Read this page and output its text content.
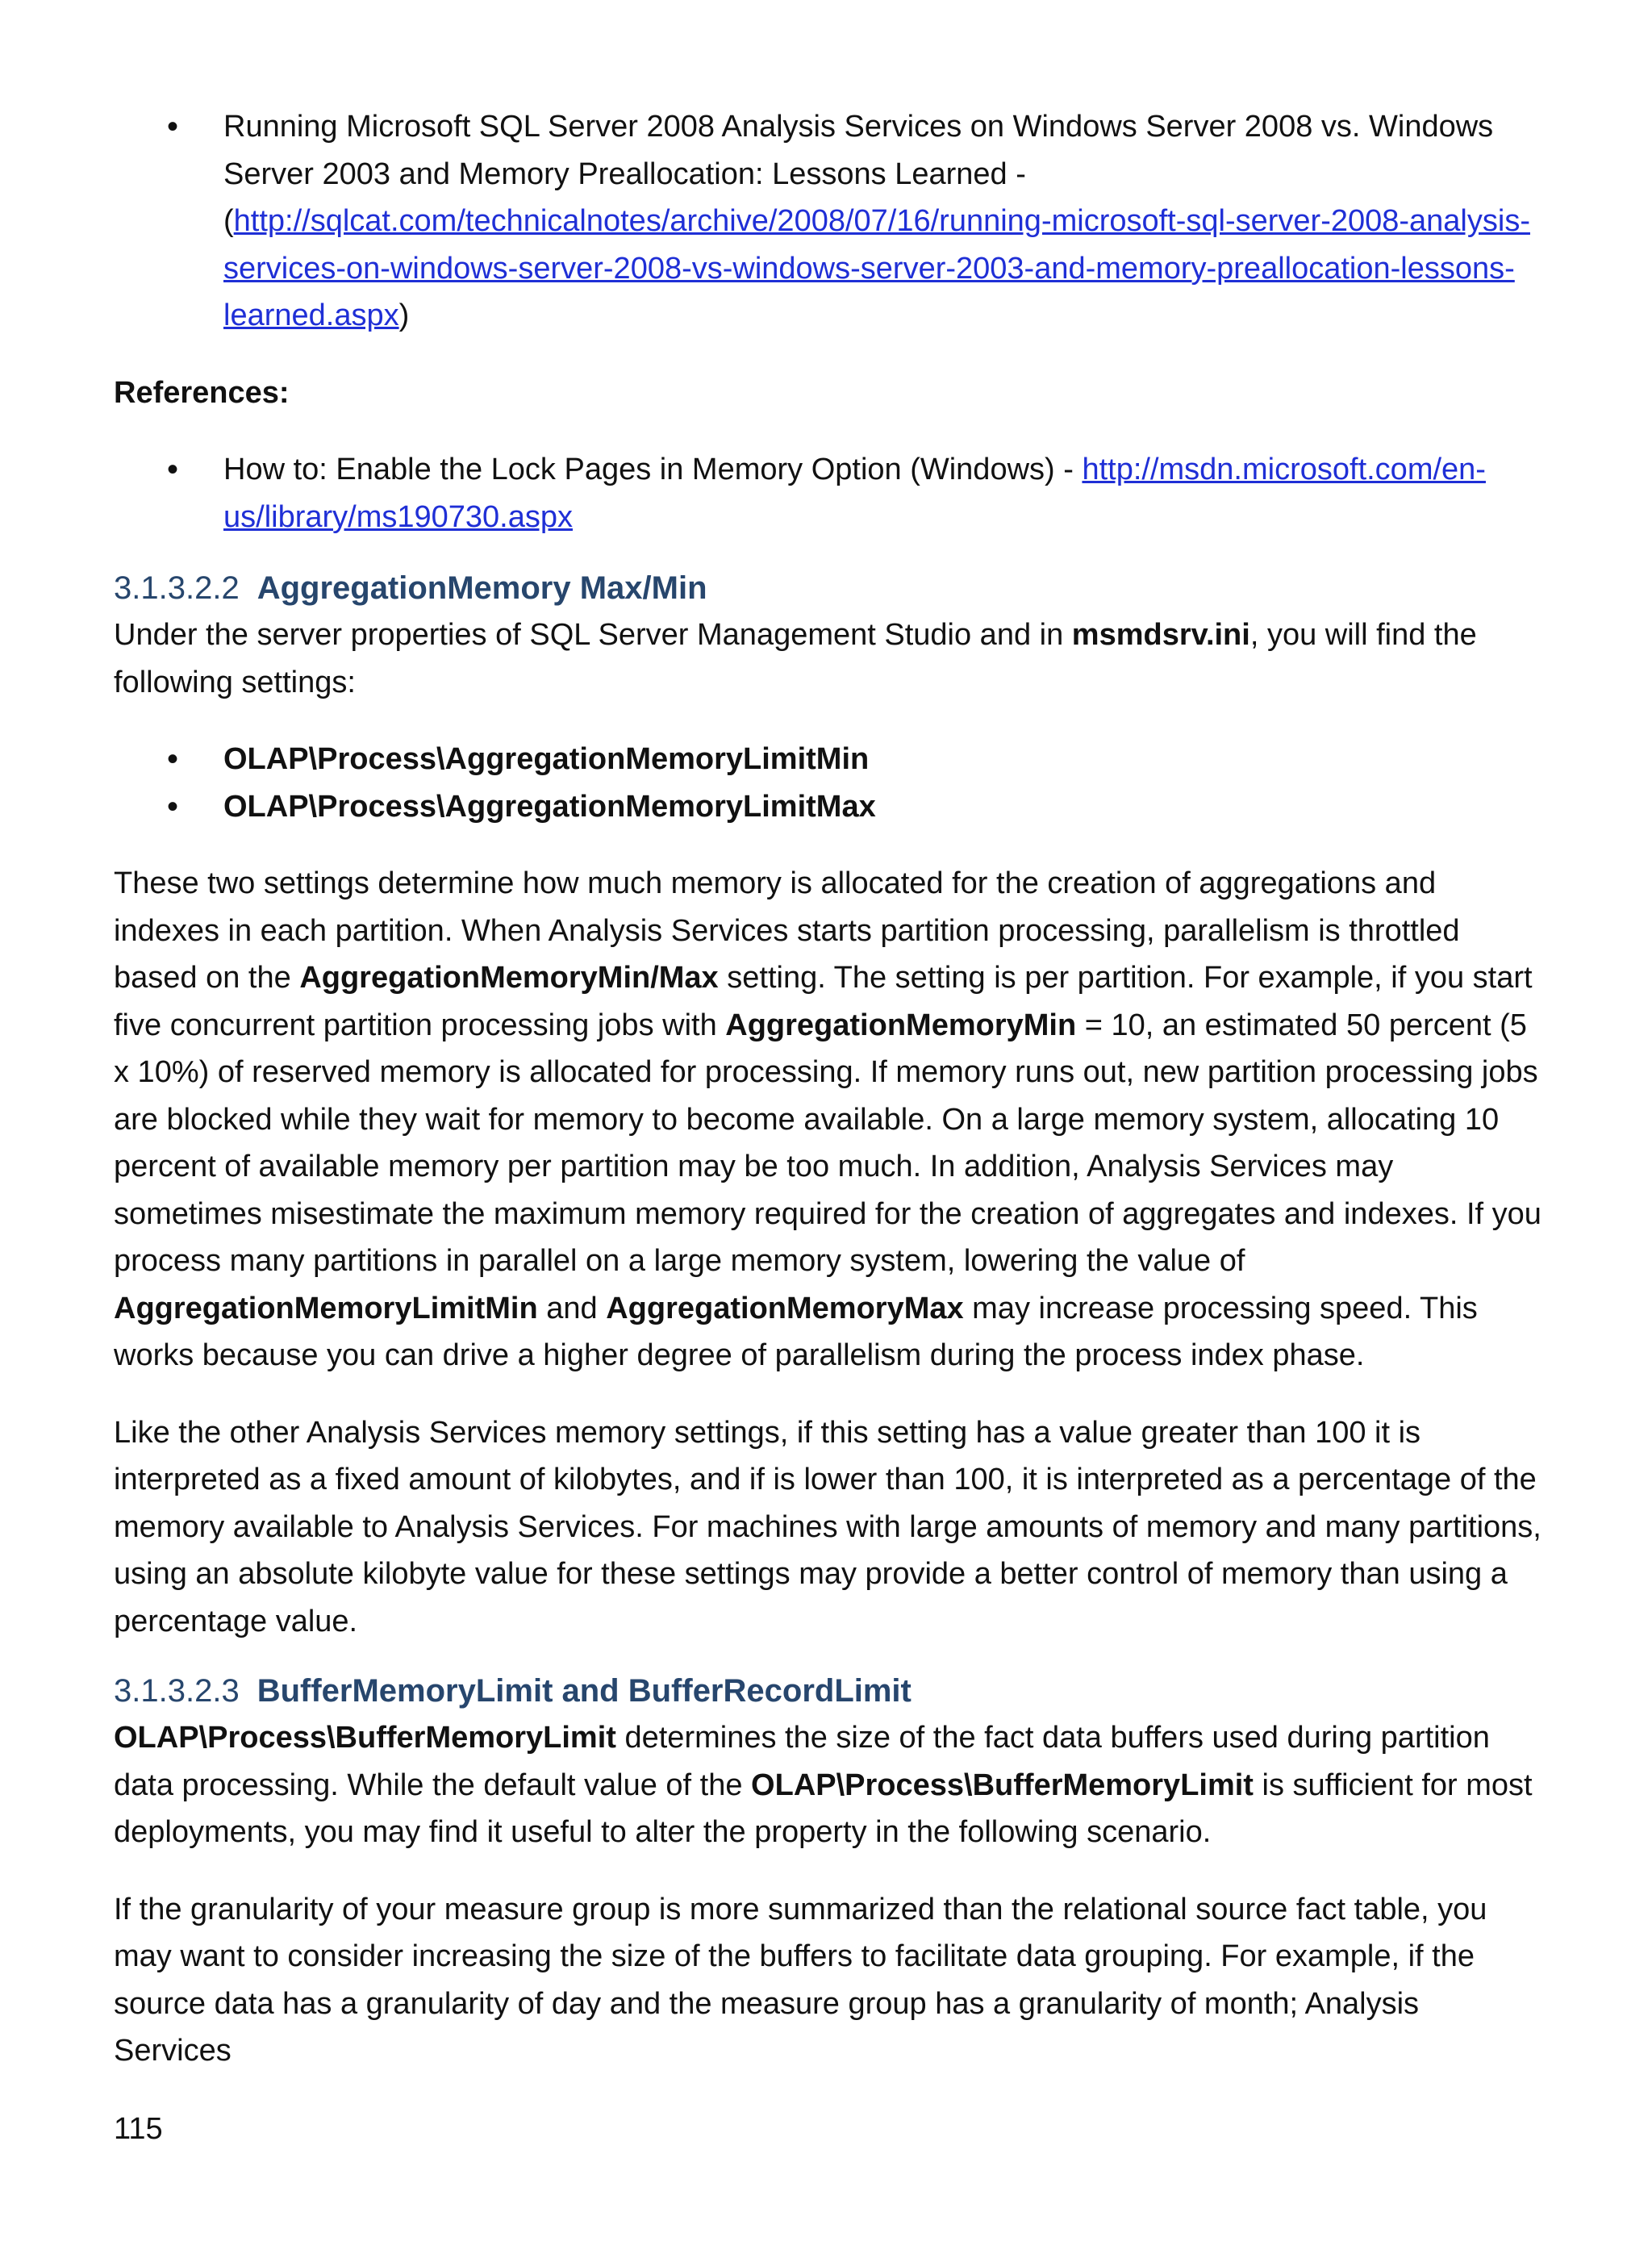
• Running Microsoft SQL Server 2008 Analysis Services on Windows Server 2008 vs. Windows Server 2003 and Memory Preallocation: Lessons Learned - (http://sqlcat.com/technicalnotes/archive/2008/07/16/running-microsoft-sql-server-2008-analysis-services-on-windows-server-2008-vs-windows-server-2003-and-memory-preallocation-lessons-learned.aspx)

References:

• How to: Enable the Lock Pages in Memory Option (Windows) - http://msdn.microsoft.com/en-us/library/ms190730.aspx
3.1.3.2.2 AggregationMemory Max/Min

Under the server properties of SQL Server Management Studio and in msmdsrv.ini, you will find the following settings:

• OLAP\Process\AggregationMemoryLimitMin
• OLAP\Process\AggregationMemoryLimitMax

These two settings determine how much memory is allocated for the creation of aggregations and indexes in each partition. When Analysis Services starts partition processing, parallelism is throttled based on the AggregationMemoryMin/Max setting. The setting is per partition. For example, if you start five concurrent partition processing jobs with AggregationMemoryMin = 10, an estimated 50 percent (5 x 10%) of reserved memory is allocated for processing. If memory runs out, new partition processing jobs are blocked while they wait for memory to become available. On a large memory system, allocating 10 percent of available memory per partition may be too much. In addition, Analysis Services may sometimes misestimate the maximum memory required for the creation of aggregates and indexes. If you process many partitions in parallel on a large memory system, lowering the value of AggregationMemoryLimitMin and AggregationMemoryMax may increase processing speed. This works because you can drive a higher degree of parallelism during the process index phase.

Like the other Analysis Services memory settings, if this setting has a value greater than 100 it is interpreted as a fixed amount of kilobytes, and if is lower than 100, it is interpreted as a percentage of the memory available to Analysis Services. For machines with large amounts of memory and many partitions, using an absolute kilobyte value for these settings may provide a better control of memory than using a percentage value.

3.1.3.2.3 BufferMemoryLimit and BufferRecordLimit

OLAP\Process\BufferMemoryLimit determines the size of the fact data buffers used during partition data processing. While the default value of the OLAP\Process\BufferMemoryLimit is sufficient for most deployments, you may find it useful to alter the property in the following scenario.

If the granularity of your measure group is more summarized than the relational source fact table, you may want to consider increasing the size of the buffers to facilitate data grouping. For example, if the source data has a granularity of day and the measure group has a granularity of month; Analysis Services

115
